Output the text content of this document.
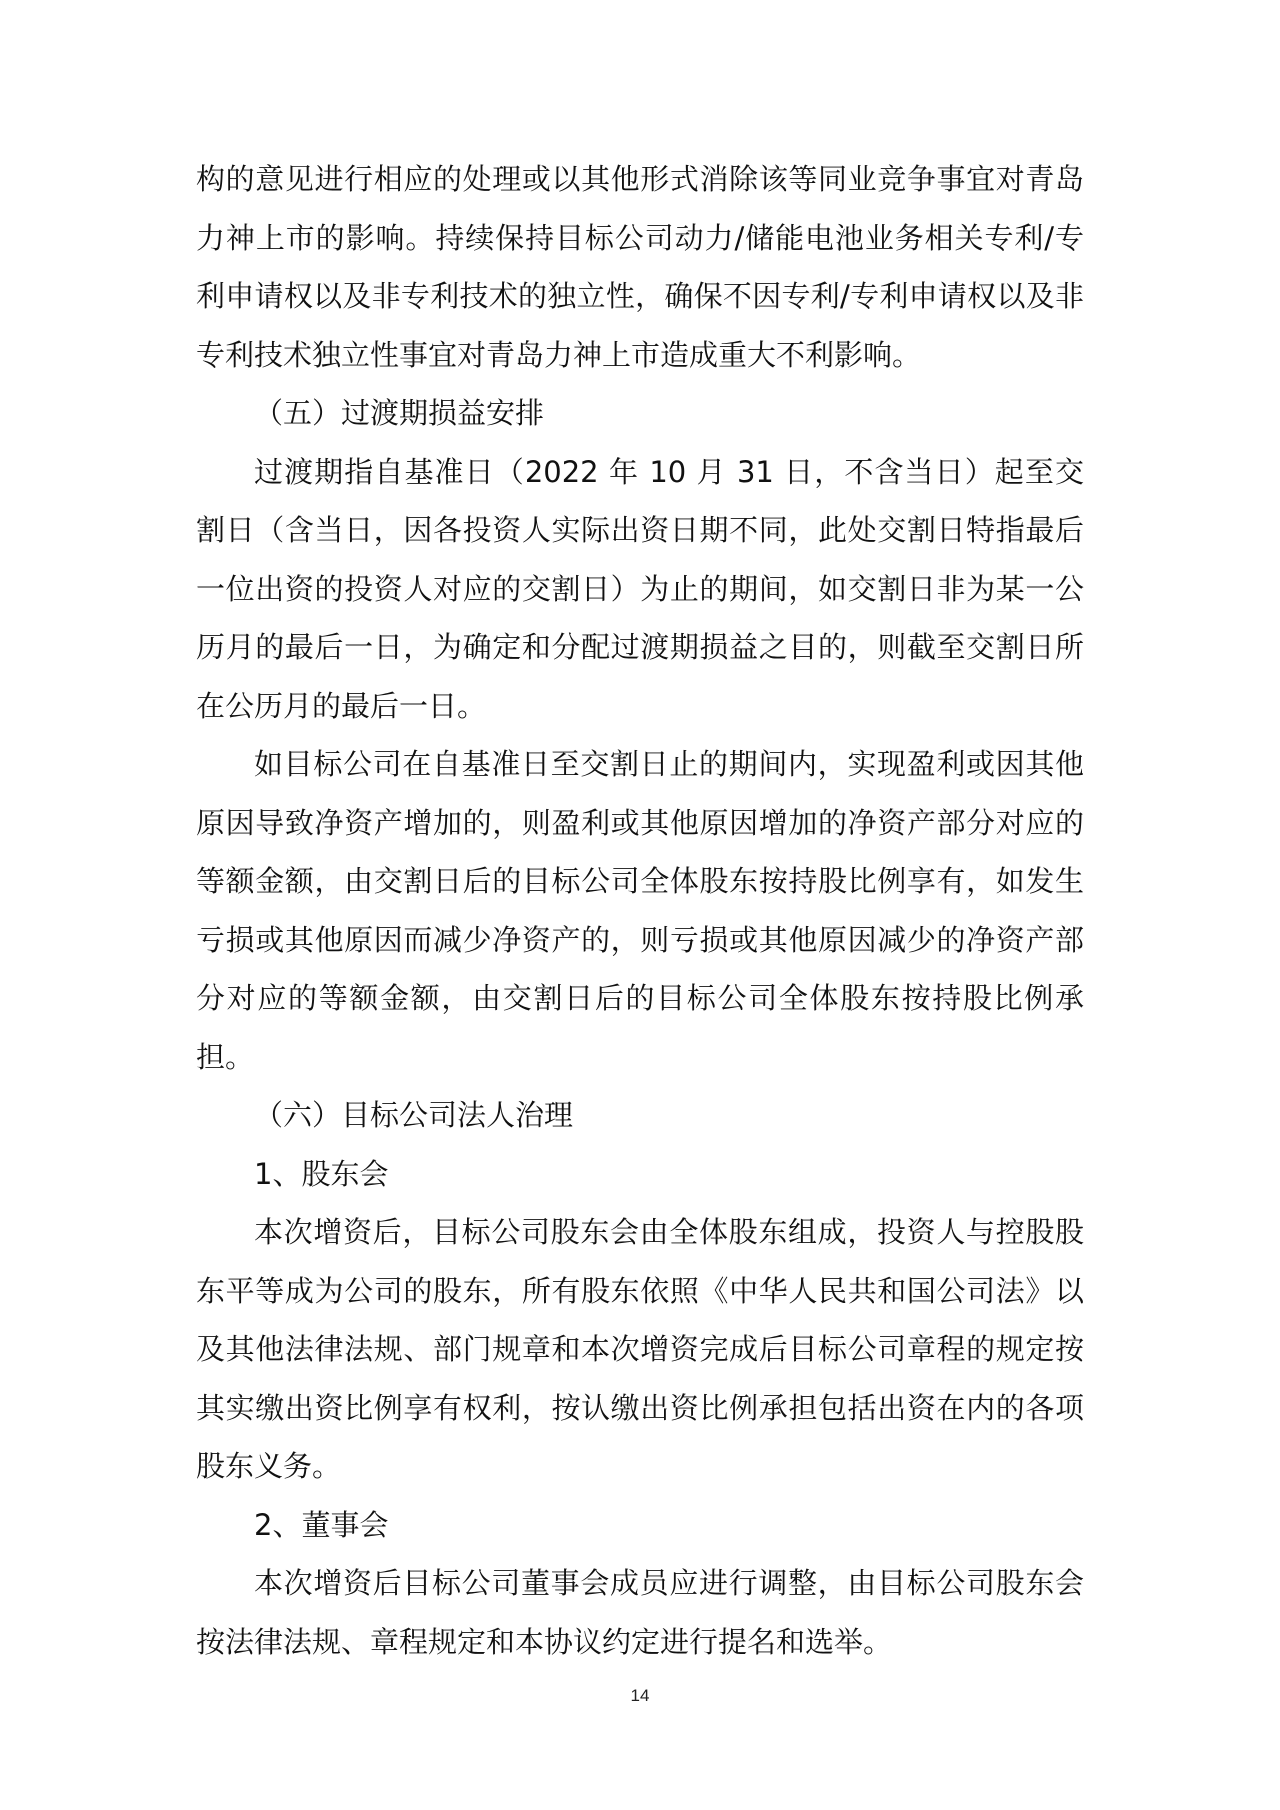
构的意见进行相应的处理或以其他形式消除该等同业竞争事宜对青岛力神上市的影响。持续保持目标公司动力/储能电池业务相关专利/专利申请权以及非专利技术的独立性，确保不因专利/专利申请权以及非专利技术独立性事宜对青岛力神上市造成重大不利影响。

（五）过渡期损益安排

过渡期指自基准日（2022 年 10 月 31 日，不含当日）起至交割日（含当日，因各投资人实际出资日期不同，此处交割日特指最后一位出资的投资人对应的交割日）为止的期间，如交割日非为某一公历月的最后一日，为确定和分配过渡期损益之目的，则截至交割日所在公历月的最后一日。

如目标公司在自基准日至交割日止的期间内，实现盈利或因其他原因导致净资产增加的，则盈利或其他原因增加的净资产部分对应的等额金额，由交割日后的目标公司全体股东按持股比例享有，如发生亏损或其他原因而减少净资产的，则亏损或其他原因减少的净资产部分对应的等额金额，由交割日后的目标公司全体股东按持股比例承担。

（六）目标公司法人治理

1、股东会

本次增资后，目标公司股东会由全体股东组成，投资人与控股股东平等成为公司的股东，所有股东依照《中华人民共和国公司法》以及其他法律法规、部门规章和本次增资完成后目标公司章程的规定按其实缴出资比例享有权利，按认缴出资比例承担包括出资在内的各项股东义务。

2、董事会

本次增资后目标公司董事会成员应进行调整，由目标公司股东会按法律法规、章程规定和本协议约定进行提名和选举。

14
